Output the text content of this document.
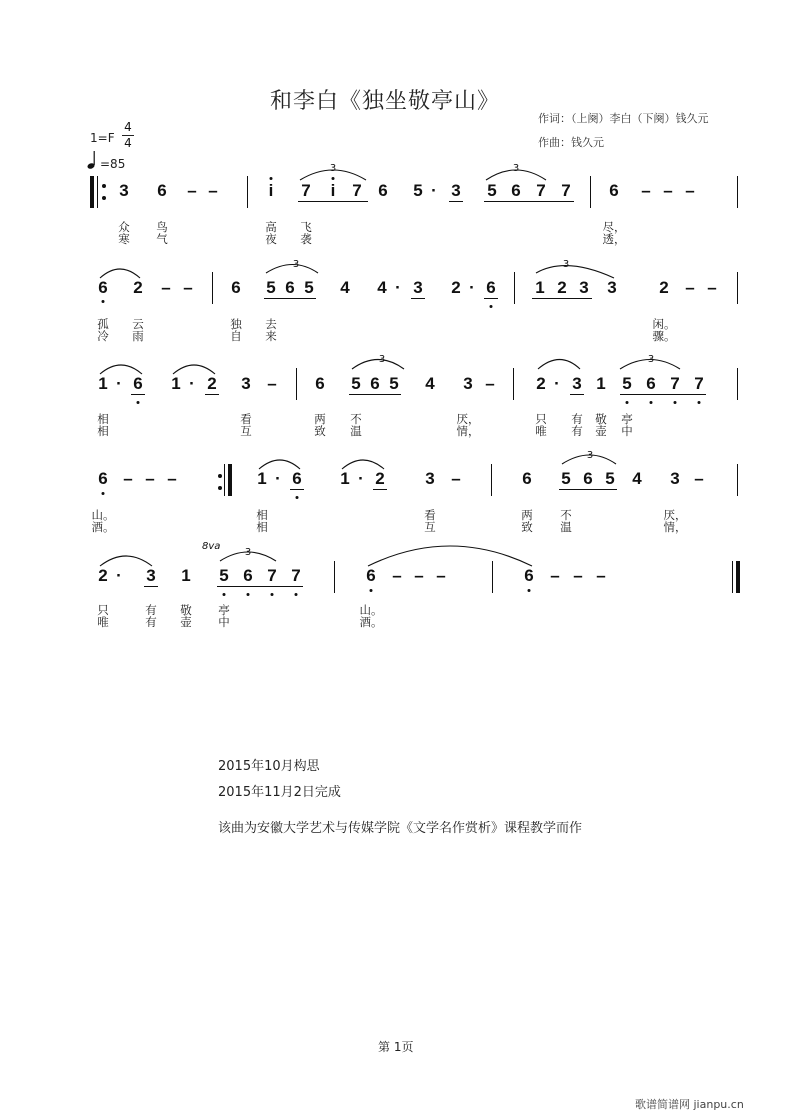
和李白《独坐敬亭山》
作词：（上阕）李白（下阕）钱久元
作曲：钱久元
1=F
4
4
=85
3 6 – –	i 7 i 7 6
3
5 · 3 5 6 7 7
3
6 – – –
众 鸟	高 飞	尽，
寒 气	夜 袭	透，
6 2 – – 6 5 6 5
3
4 4 · 3 2 · 6 1 2 3 3
3
2 – –
孤 云	独 去	闲。
冷 雨	自 来	骤。
1 · 6 1 · 2 3 – 6 5 6 5
3
4 3 – 2 · 3 1 5 6 7 7
3
相	看	两 不	厌，	只 有 敬 亭
相	互	致 温	情，	唯 有 壶 中
6 – – –	1 · 6 1 · 2 3 –	6 5 6 5 4
3
3 –
山。	相	看	两 不	厌，
酒。	相	互	致 温	情，
2 · 3 1
8va
5 6 7 7
3
6 – – –	6 – – –
只	有 敬 亭	山。
唯	有 壶 中	酒。
2015年10月构思
2015年11月2日完成
该曲为安徽大学艺术与传媒学院《文学名作赏析》课程教学而作
第 1页
歌谱简谱网 jianpu.cn
